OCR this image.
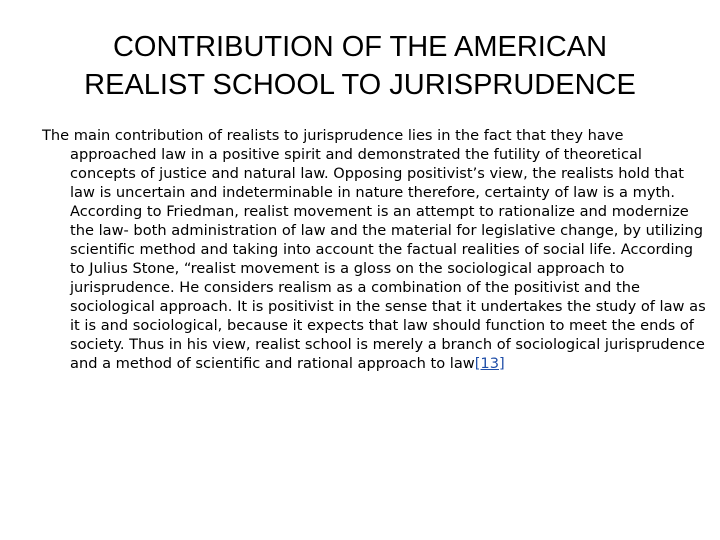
CONTRIBUTION OF THE AMERICAN
REALIST SCHOOL TO JURISPRUDENCE

The main contribution of realists to jurisprudence lies in the fact that they have approached law in a positive spirit and demonstrated the futility of theoretical concepts of justice and natural law. Opposing positivist’s view, the realists hold that law is uncertain and indeterminable in nature therefore, certainty of law is a myth. According to Friedman, realist movement is an attempt to rationalize and modernize the law- both administration of law and the material for legislative change, by utilizing scientific method and taking into account the factual realities of social life. According to Julius Stone, “realist movement is a gloss on the sociological approach to jurisprudence. He considers realism as a combination of the positivist and the sociological approach. It is positivist in the sense that it undertakes the study of law as it is and sociological, because it expects that law should function to meet the ends of society. Thus in his view, realist school is merely a branch of sociological jurisprudence and a method of scientific and rational approach to law[13]
